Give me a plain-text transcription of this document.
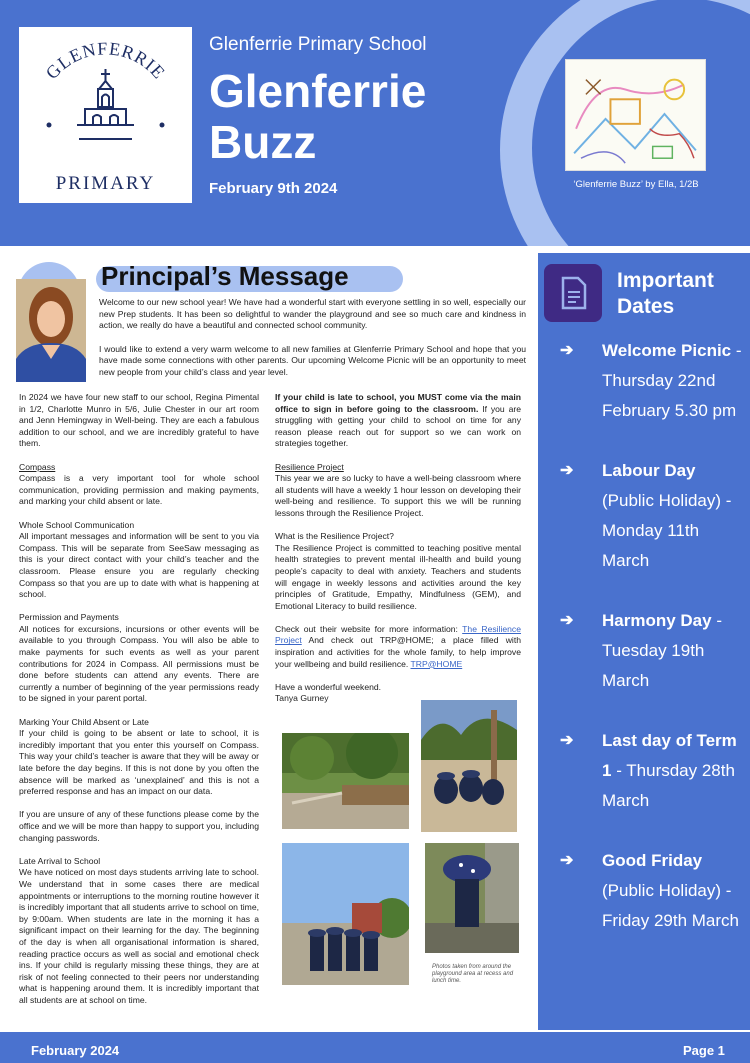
GLENFERRIE
PRIMARY
Glenferrie Primary School
Glenferrie Buzz
February 9th 2024	‘Glenferrie Buzz’ by Ella, 1/2B
Principal’s Message

Welcome to our new school year! We have had a wonderful start with everyone settling in so well, especially our new Prep students. It has been so delightful to wander the playground and see so much care and kindness in action, we really do have a beautiful and connected school community.

I would like to extend a very warm welcome to all new families at Glenferrie Primary School and hope that you have made some connections with other parents. Our upcoming Welcome Picnic will be an opportunity to meet new people from your child’s class and year level.

In 2024 we have four new staff to our school, Regina Pimental in 1/2, Charlotte Munro in 5/6, Julie Chester in our art room and Jenn Hemingway in Well-being. They are each a fabulous addition to our school, and we are incredibly grateful to have them.

Compass

Compass is a very important tool for whole school communication, providing permission and making payments, and marking your child absent or late.

Whole School Communication

All important messages and information will be sent to you via Compass. This will be separate from SeeSaw messaging as this is your direct contact with your child’s teacher and the classroom. Please ensure you are regularly checking Compass so that you are up to date with what is happening at school.

Permission and Payments

All notices for excursions, incursions or other events will be available to you through Compass. You will also be able to make payments for such events as well as your parent contributions for 2024 in Compass. All permissions must be done before students can attend any events. There are currently a number of beginning of the year permissions ready to be signed in your parent portal.

Marking Your Child Absent or Late

If your child is going to be absent or late to school, it is incredibly important that you enter this yourself on Compass. This way your child’s teacher is aware that they will be away or late before the day begins. If this is not done by you often the absence will be marked as ‘unexplained’ and this is not a preferred response and has an impact on our data.

If you are unsure of any of these functions please come by the office and we will be more than happy to support you, including changing passwords.

Late Arrival to School

We have noticed on most days students arriving late to school. We understand that in some cases there are medical appointments or interruptions to the morning routine however it is incredibly important that all students arrive to school on time, by 9:00am. When students are late in the morning it has a significant impact on their learning for the day. The beginning of the day is when all organisational information is shared, reading practice occurs as well as social and emotional check ins. If your child is regularly missing these things, they are at risk of not feeling connected to their peers nor understanding what is happening around them. It is incredibly important that all students are at school on time.

If your child is late to school, you MUST come via the main office to sign in before going to the classroom. If you are struggling with getting your child to school on time for any reason please reach out for support so we can work on strategies together.

Resilience Project

This year we are so lucky to have a well-being classroom where all students will have a weekly 1 hour lesson on developing their well-being and resilience. To support this we will be running lessons through the Resilience Project.

What is the Resilience Project?

The Resilience Project is committed to teaching positive mental health strategies to prevent mental ill-health and build young people’s capacity to deal with anxiety. Teachers and students will engage in weekly lessons and activities around the key principles of Gratitude, Empathy, Mindfulness (GEM), and Emotional Literacy to build resilience.

Check out their website for more information: The Resilience Project And check out TRP@HOME; a place filled with inspiration and activities for the whole family, to help improve your wellbeing and build resilience. TRP@HOME

Have a wonderful weekend.
Tanya Gurney
Photos taken from around the playground area at recess and lunch time.
Important Dates
➔ Welcome Picnic - Thursday 22nd February 5.30 pm
➔ Labour Day (Public Holiday) - Monday 11th March
➔ Harmony Day - Tuesday 19th March
➔ Last day of Term 1 - Thursday 28th March
➔ Good Friday (Public Holiday) - Friday 29th March
February 2024	Page 1
